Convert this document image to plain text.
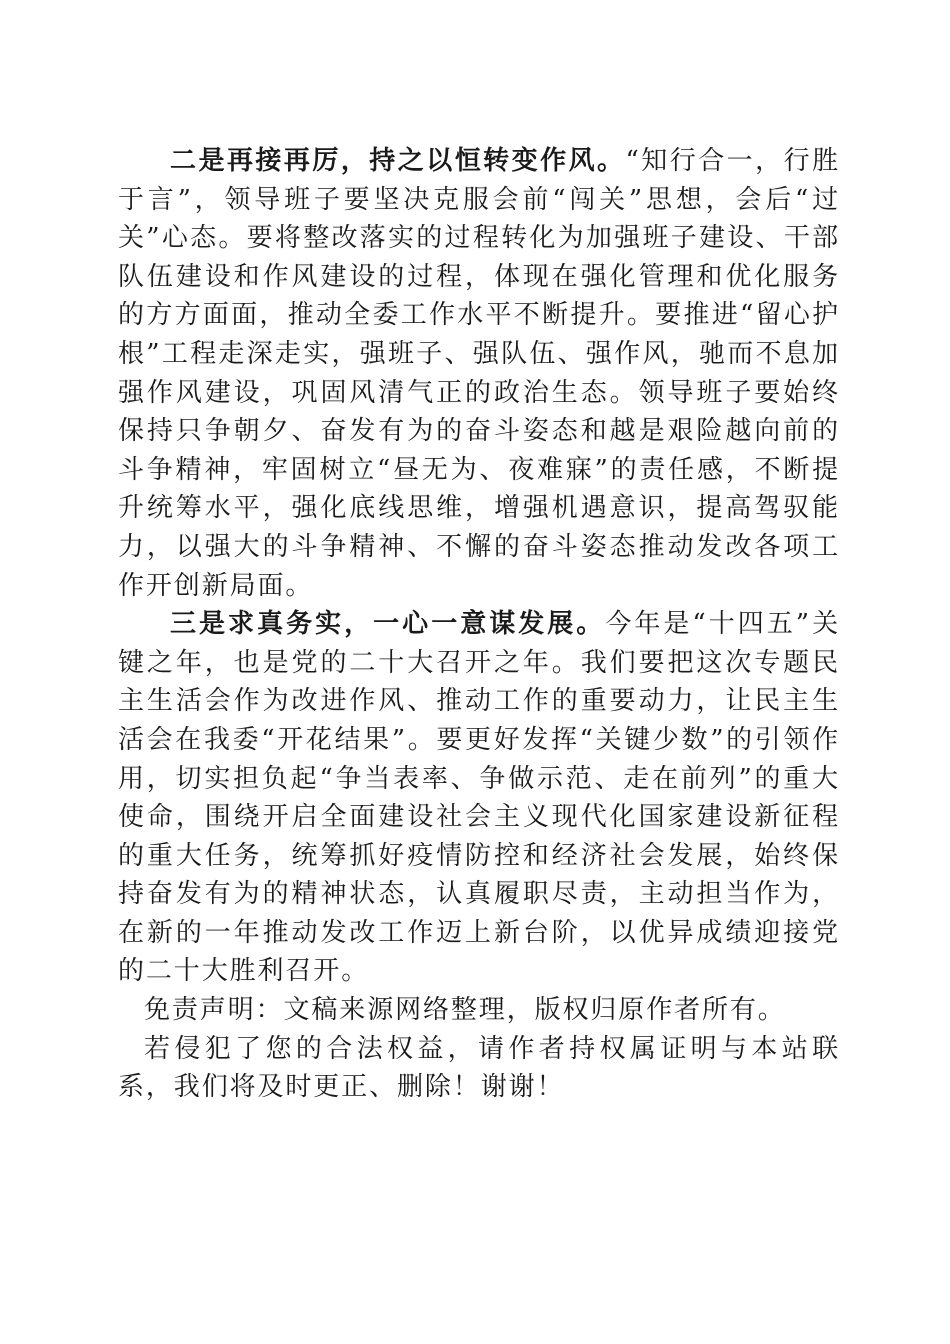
二是再接再厉，持之以恒转变作风。“知行合一，行胜于言”，领导班子要坚决克服会前“闯关”思想，会后“过关”心态。要将整改落实的过程转化为加强班子建设、干部队伍建设和作风建设的过程，体现在强化管理和优化服务的方方面面，推动全委工作水平不断提升。要推进“留心护根”工程走深走实，强班子、强队伍、强作风，驰而不息加强作风建设，巩固风清气正的政治生态。领导班子要始终保持只争朝夕、奋发有为的奋斗姿态和越是艰险越向前的斗争精神，牢固树立“昼无为、夜难寐”的责任感，不断提升统筹水平，强化底线思维，增强机遇意识，提高驾驭能力，以强大的斗争精神、不懈的奋斗姿态推动发改各项工作开创新局面。

三是求真务实，一心一意谋发展。今年是“十四五”关键之年，也是党的二十大召开之年。我们要把这次专题民主生活会作为改进作风、推动工作的重要动力，让民主生活会在我委“开花结果”。要更好发挥“关键少数”的引领作用，切实担负起“争当表率、争做示范、走在前列”的重大使命，围绕开启全面建设社会主义现代化国家建设新征程的重大任务，统筹抓好疫情防控和经济社会发展，始终保持奋发有为的精神状态，认真履职尽责，主动担当作为，在新的一年推动发改工作迈上新台阶，以优异成绩迎接党的二十大胜利召开。

免责声明：文稿来源网络整理，版权归原作者所有。

若侵犯了您的合法权益，请作者持权属证明与本站联系，我们将及时更正、删除！谢谢！
